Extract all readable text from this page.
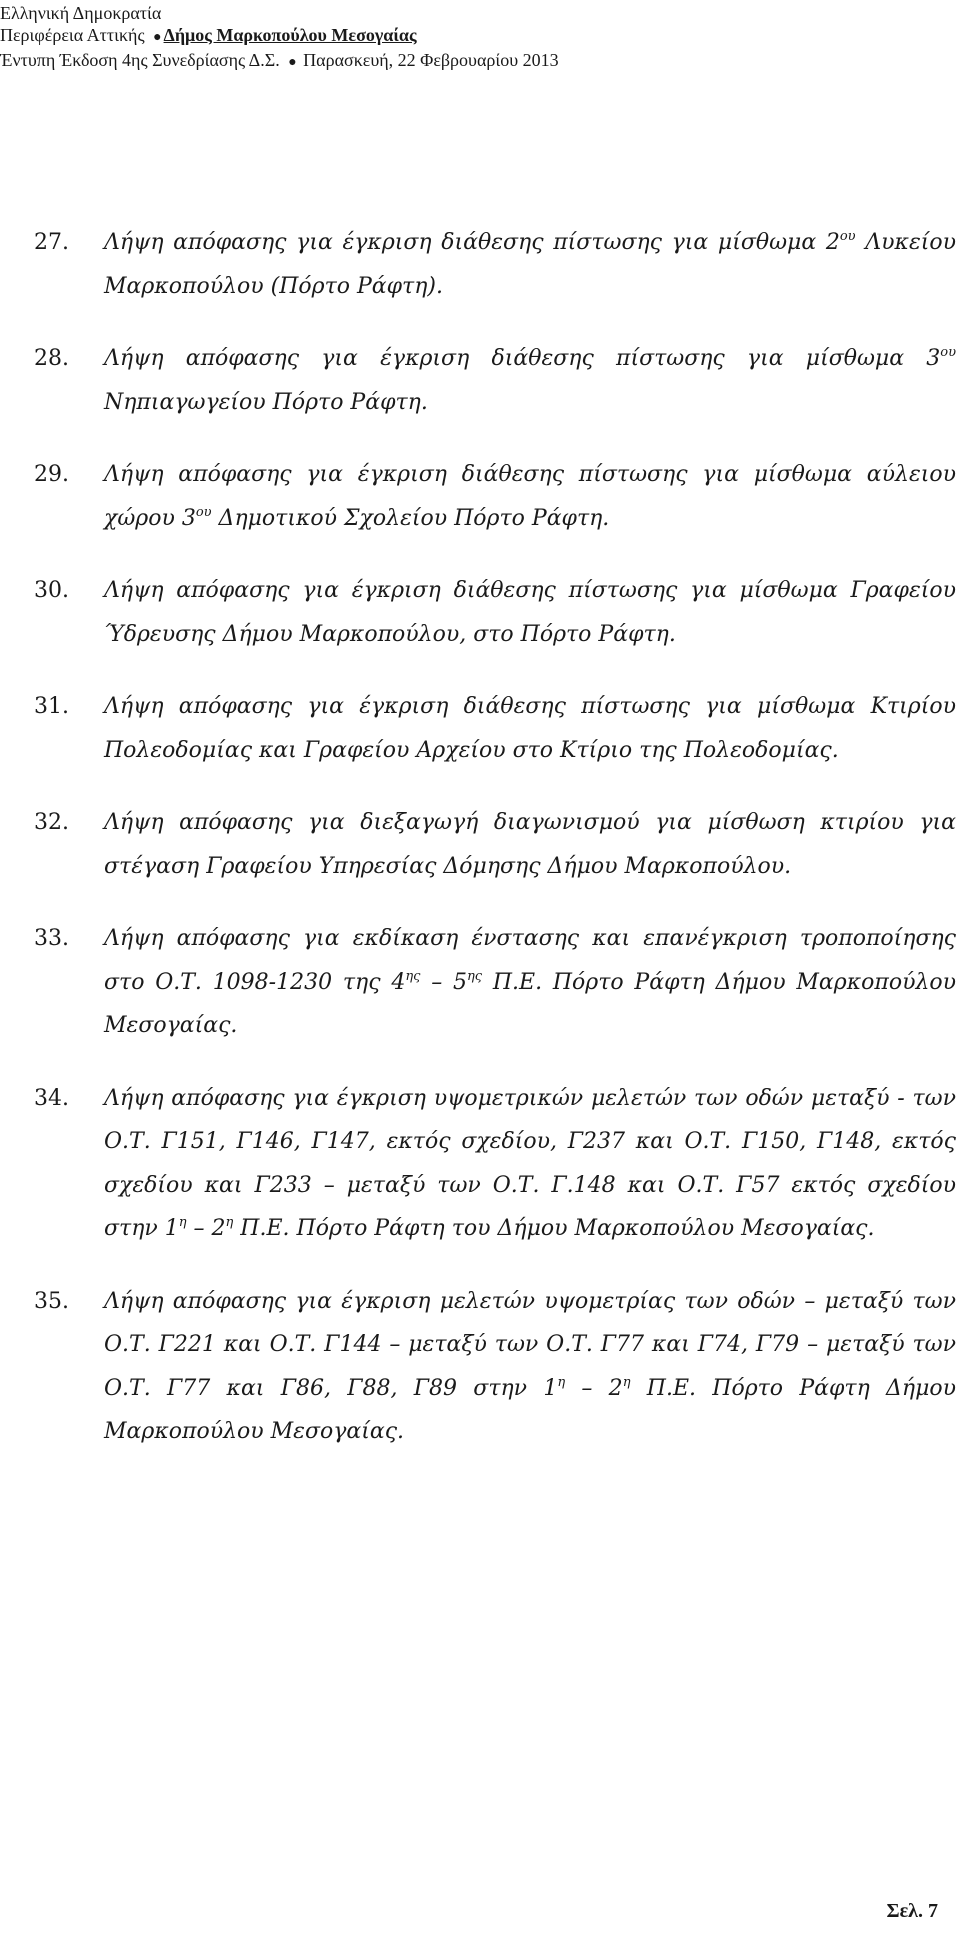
Ελληνική Δημοκρατία
Περιφέρεια Αττικής ● Δήμος Μαρκοπούλου Μεσογαίας
Έντυπη Έκδοση 4ης Συνεδρίασης Δ.Σ. ● Παρασκευή, 22 Φεβρουαρίου 2013
27. Λήψη απόφασης για έγκριση διάθεσης πίστωσης για μίσθωμα $2^{o\upsilon}$ Λυκείου Μαρκοπούλου (Πόρτο Ράφτη).
28. Λήψη απόφασης για έγκριση διάθεσης πίστωσης για μίσθωμα $3^{o\upsilon}$ Νηπιαγωγείου Πόρτο Ράφτη.
29. Λήψη απόφασης για έγκριση διάθεσης πίστωσης για μίσθωμα αύλειου χώρου $3^{o\upsilon}$ Δημοτικού Σχολείου Πόρτο Ράφτη.
30. Λήψη απόφασης για έγκριση διάθεσης πίστωσης για μίσθωμα Γραφείου Ύδρευσης Δήμου Μαρκοπούλου, στο Πόρτο Ράφτη.
31. Λήψη απόφασης για έγκριση διάθεσης πίστωσης για μίσθωμα Κτιρίου Πολεοδομίας και Γραφείου Αρχείου στο Κτίριο της Πολεοδομίας.
32. Λήψη απόφασης για διεξαγωγή διαγωνισμού για μίσθωση κτιρίου για στέγαση Γραφείου Υπηρεσίας Δόμησης Δήμου Μαρκοπούλου.
33. Λήψη απόφασης για εκδίκαση ένστασης και επανέγκριση τροποποίησης στο Ο.Τ. 1098-1230 της $4^{\eta\varsigma} - 5^{\eta\varsigma}$ Π.Ε. Πόρτο Ράφτη Δήμου Μαρκοπούλου Μεσογαίας.
34. Λήψη απόφασης για έγκριση υψομετρικών μελετών των οδών μεταξύ - των Ο.Τ. Γ151, Γ146, Γ147, εκτός σχεδίου, Γ237 και Ο.Τ. Γ150, Γ148, εκτός σχεδίου και Γ233 – μεταξύ των Ο.Τ. Γ.148 και Ο.Τ. Γ57 εκτός σχεδίου στην $1^\eta - 2^\eta$ Π.Ε. Πόρτο Ράφτη του Δήμου Μαρκοπούλου Μεσογαίας.
35. Λήψη απόφασης για έγκριση μελετών υψομετρίας των οδών – μεταξύ των Ο.Τ. Γ221 και Ο.Τ. Γ144 – μεταξύ των Ο.Τ. Γ77 και Γ74, Γ79 – μεταξύ των Ο.Τ. Γ77 και Γ86, Γ88, Γ89 στην $1^\eta - 2^\eta$ Π.Ε. Πόρτο Ράφτη Δήμου Μαρκοπούλου Μεσογαίας.
Σελ. 7
